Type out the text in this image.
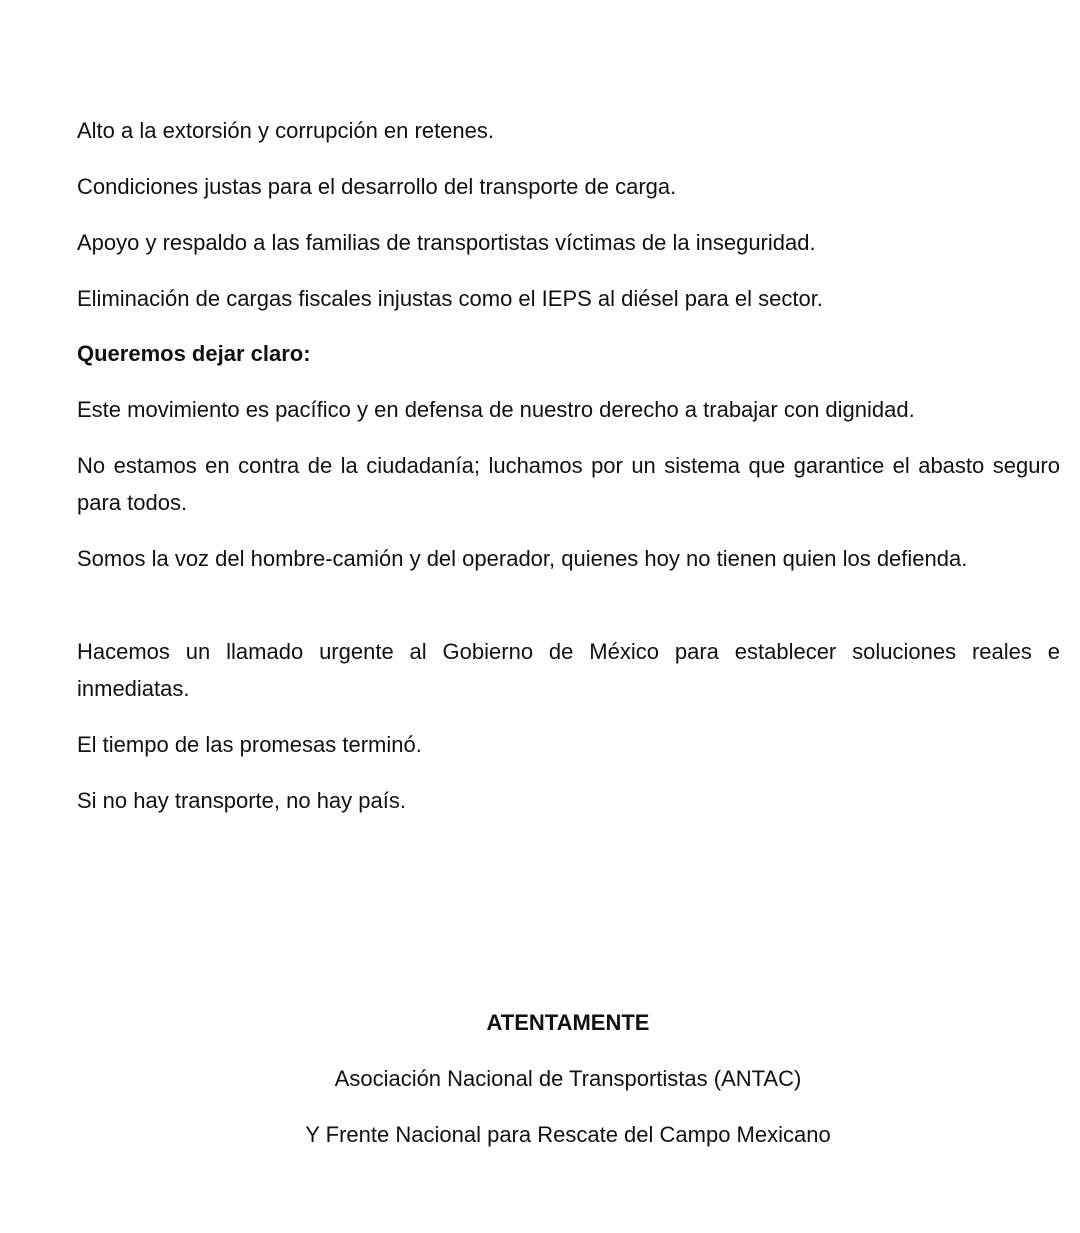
Alto a la extorsión y corrupción en retenes.

Condiciones justas para el desarrollo del transporte de carga.

Apoyo y respaldo a las familias de transportistas víctimas de la inseguridad.

Eliminación de cargas fiscales injustas como el IEPS al diésel para el sector.

Queremos dejar claro:

Este movimiento es pacífico y en defensa de nuestro derecho a trabajar con dignidad.

No estamos en contra de la ciudadanía; luchamos por un sistema que garantice el abasto seguro para todos.

Somos la voz del hombre-camión y del operador, quienes hoy no tienen quien los defienda.

Hacemos un llamado urgente al Gobierno de México para establecer soluciones reales e inmediatas.

El tiempo de las promesas terminó.

Si no hay transporte, no hay país.

ATENTAMENTE

Asociación Nacional de Transportistas (ANTAC)

Y Frente Nacional para Rescate del Campo Mexicano
